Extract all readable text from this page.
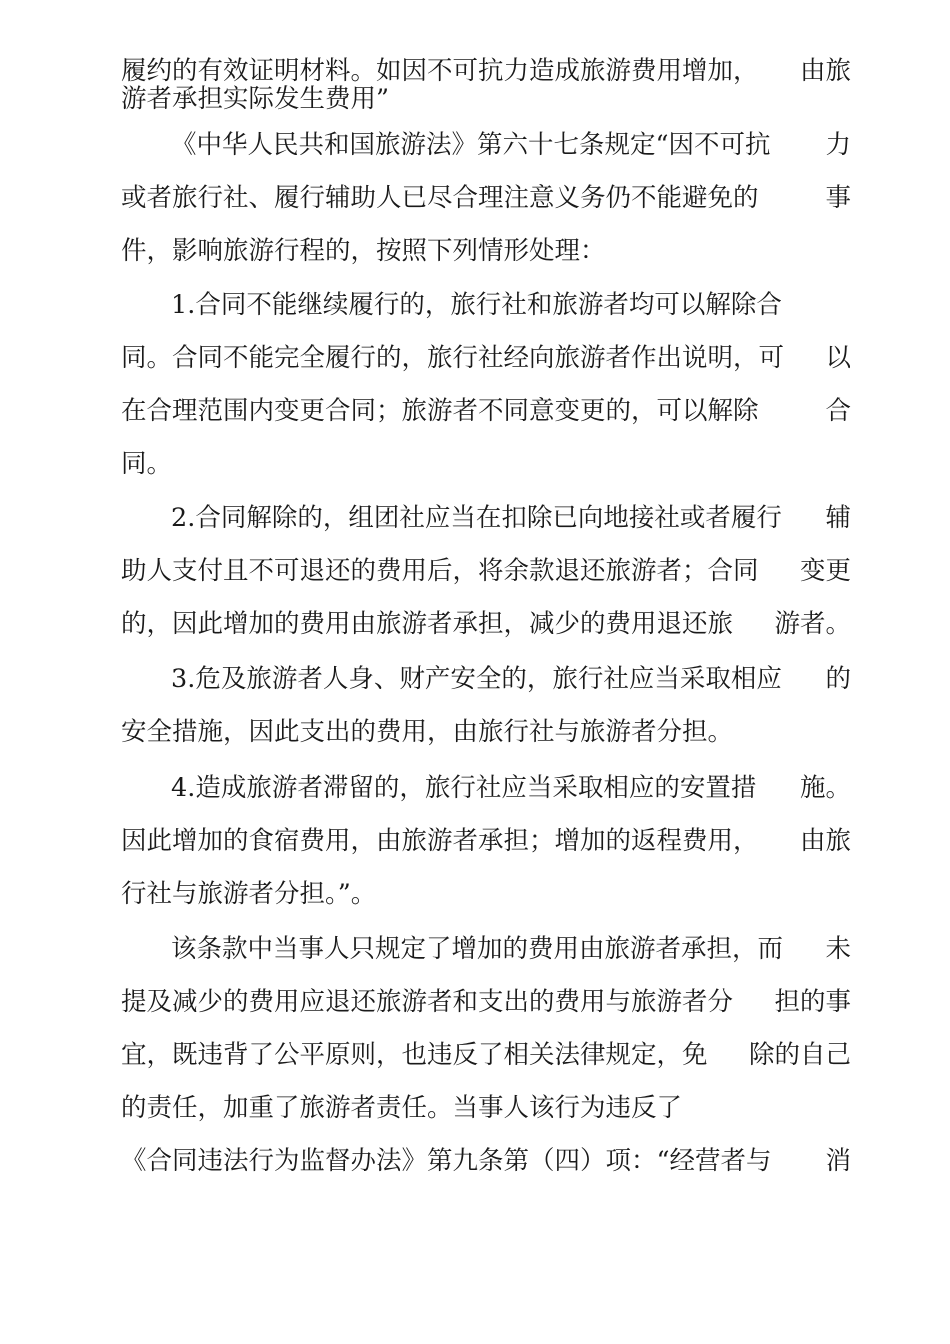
履约的有效证明材料。如因不可抗力造成旅游费用增加， 由旅
游者承担实际发生费用”
《中华人民共和国旅游法》第六十七条规定“因不可抗 力
或者旅行社、履行辅助人已尽合理注意义务仍不能避免的	事
件，影响旅游行程的，按照下列情形处理：
1.合同不能继续履行的，旅行社和旅游者均可以解除合
同。合同不能完全履行的，旅行社经向旅游者作出说明，可 以
在合理范围内变更合同；旅游者不同意变更的，可以解除	合
同。
2.合同解除的，组团社应当在扣除已向地接社或者履行 辅
助人支付且不可退还的费用后，将余款退还旅游者；合同 变更
的，因此增加的费用由旅游者承担，减少的费用退还旅 游者。
3.危及旅游者人身、财产安全的，旅行社应当采取相应 的
安全措施，因此支出的费用，由旅行社与旅游者分担。
4.造成旅游者滞留的，旅行社应当采取相应的安置措 施。
因此增加的食宿费用，由旅游者承担；增加的返程费用， 由旅
行社与旅游者分担。”。
该条款中当事人只规定了增加的费用由旅游者承担，而 未
提及减少的费用应退还旅游者和支出的费用与旅游者分 担的事
宜，既违背了公平原则，也违反了相关法律规定，免 除的自己
的责任，加重了旅游者责任。当事人该行为违反了
《合同违法行为监督办法》第九条第（四）项：“经营者与 消
